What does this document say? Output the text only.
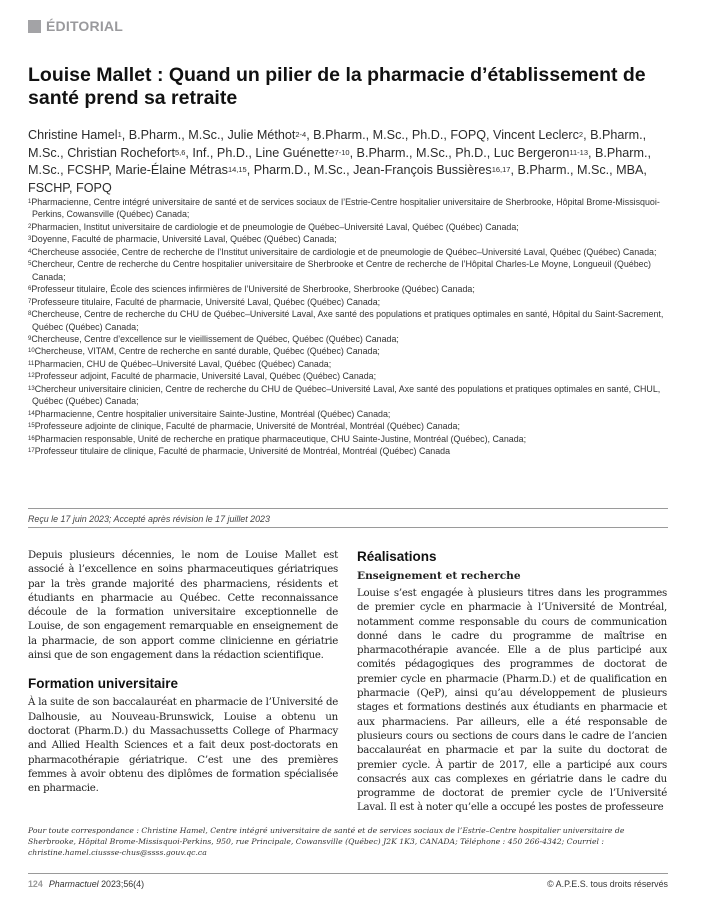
ÉDITORIAL
Louise Mallet : Quand un pilier de la pharmacie d’établissement de santé prend sa retraite

Christine Hamel$^1$, B.Pharm., M.Sc., Julie Méthot$^{2-4}$, B.Pharm., M.Sc., Ph.D., FOPQ, Vincent Leclerc$^2$, B.Pharm., M.Sc., Christian Rochefort$^{5,6}$, Inf., Ph.D., Line Guénette$^{7-10}$, B.Pharm., M.Sc., Ph.D., Luc Bergeron$^{11-13}$, B.Pharm., M.Sc., FCSHP, Marie-Élaine Métras$^{14,15}$, Pharm.D., M.Sc., Jean-François Bussières$^{16,17}$, B.Pharm., M.Sc., MBA, FSCHP, FOPQ

$^1$Pharmacienne, Centre intégré universitaire de santé et de services sociaux de l’Estrie-Centre hospitalier universitaire de Sherbrooke, Hôpital Brome-Missisquoi-Perkins, Cowansville (Québec) Canada;
$^2$Pharmacien, Institut universitaire de cardiologie et de pneumologie de Québec–Université Laval, Québec (Québec) Canada;
$^3$Doyenne, Faculté de pharmacie, Université Laval, Québec (Québec) Canada;
$^4$Chercheuse associée, Centre de recherche de l’Institut universitaire de cardiologie et de pneumologie de Québec–Université Laval, Québec (Québec) Canada;
$^5$Chercheur, Centre de recherche du Centre hospitalier universitaire de Sherbrooke et Centre de recherche de l’Hôpital Charles-Le Moyne, Longueuil (Québec) Canada;
$^6$Professeur titulaire, École des sciences infirmières de l’Université de Sherbrooke, Sherbrooke (Québec) Canada;
$^7$Professeure titulaire, Faculté de pharmacie, Université Laval, Québec (Québec) Canada;
$^8$Chercheuse, Centre de recherche du CHU de Québec–Université Laval, Axe santé des populations et pratiques optimales en santé, Hôpital du Saint-Sacrement, Québec (Québec) Canada;
$^9$Chercheuse, Centre d’excellence sur le vieillissement de Québec, Québec (Québec) Canada;
$^{10}$Chercheuse, VITAM, Centre de recherche en santé durable, Québec (Québec) Canada;
$^{11}$Pharmacien, CHU de Québec–Université Laval, Québec (Québec) Canada;
$^{12}$Professeur adjoint, Faculté de pharmacie, Université Laval, Québec (Québec) Canada;
$^{13}$Chercheur universitaire clinicien, Centre de recherche du CHU de Québec–Université Laval, Axe santé des populations et pratiques optimales en santé, CHUL, Québec (Québec) Canada;
$^{14}$Pharmacienne, Centre hospitalier universitaire Sainte-Justine, Montréal (Québec) Canada;
$^{15}$Professeure adjointe de clinique, Faculté de pharmacie, Université de Montréal, Montréal (Québec) Canada;
$^{16}$Pharmacien responsable, Unité de recherche en pratique pharmaceutique, CHU Sainte-Justine, Montréal (Québec), Canada;
$^{17}$Professeur titulaire de clinique, Faculté de pharmacie, Université de Montréal, Montréal (Québec) Canada
Reçu le 17 juin 2023; Accepté après révision le 17 juillet 2023

Depuis plusieurs décennies, le nom de Louise Mallet est associé à l’excellence en soins pharmaceutiques gériatriques par la très grande majorité des pharmaciens, résidents et étudiants en pharmacie au Québec. Cette reconnaissance découle de la formation universitaire exceptionnelle de Louise, de son engagement remarquable en enseignement de la pharmacie, de son apport comme clinicienne en gériatrie ainsi que de son engagement dans la rédaction scientifique.

Formation universitaire

À la suite de son baccalauréat en pharmacie de l’Université de Dalhousie, au Nouveau-Brunswick, Louise a obtenu un doctorat (Pharm.D.) du Massachussetts College of Pharmacy and Allied Health Sciences et a fait deux post-doctorats en pharmacothérapie gériatrique. C’est une des premières femmes à avoir obtenu des diplômes de formation spécialisée en pharmacie.

Réalisations
Enseignement et recherche

Louise s’est engagée à plusieurs titres dans les programmes de premier cycle en pharmacie à l’Université de Montréal, notamment comme responsable du cours de communication donné dans le cadre du programme de maîtrise en pharmacothérapie avancée. Elle a de plus participé aux comités pédagogiques des programmes de doctorat de premier cycle en pharmacie (Pharm.D.) et de qualification en pharmacie (QeP), ainsi qu’au développement de plusieurs stages et formations destinés aux étudiants en pharmacie et aux pharmaciens. Par ailleurs, elle a été responsable de plusieurs cours ou sections de cours dans le cadre de l’ancien baccalauréat en pharmacie et par la suite du doctorat de premier cycle. À partir de 2017, elle a participé aux cours consacrés aux cas complexes en gériatrie dans le cadre du programme de doctorat de premier cycle de l’Université Laval. Il est à noter qu’elle a occupé les postes de professeure

Pour toute correspondance : Christine Hamel, Centre intégré universitaire de santé et de services sociaux de l’Estrie–Centre hospitalier universitaire de Sherbrooke, Hôpital Brome-Missisquoi-Perkins, 950, rue Principale, Cowansville (Québec) J2K 1K3, CANADA; Téléphone : 450 266-4342; Courriel : christine.hamel.ciussse-chus@ssss.gouv.qc.ca

124 Pharmactuel 2023;56(4)	© A.P.E.S. tous droits réservés
